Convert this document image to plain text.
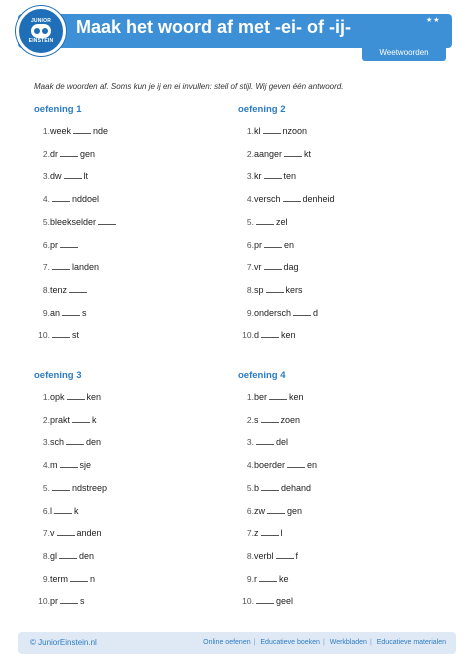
JUNIOR
EINSTEIN
Maak het woord af met -ei- of -ij-	★★
Weetwoorden
Maak de woorden af. Soms kun je ij en ei invullen: steil of stijl. Wij geven één antwoord.
oefening 1
1. week nde
2. dr gen
3. dw lt
4.	nddoel
5. bleekselder
6. pr
7.	landen
8. tenz
9. an s
10.	st
oefening 2
1. kl nzoon
2. aanger kt
3. kr ten
4. versch denheid
5.	zel
6. pr en
7. vr dag
8. sp kers
9. ondersch d
10. d ken
oefening 3
1. opk ken
2. prakt k
3. sch den
4. m sje
5.	ndstreep
6. l k
7. v anden
8. gl den
9. term n
10. pr s
oefening 4
1. ber ken
2. s zoen
3.	del
4. boerder en
5. b dehand
6. zw gen
7. z l
8. verbl f
9. r ke
10.	geel
© JuniorEinstein.nl	Online oefenen | Educatieve boeken | Werkbladen | Educatieve materialen
